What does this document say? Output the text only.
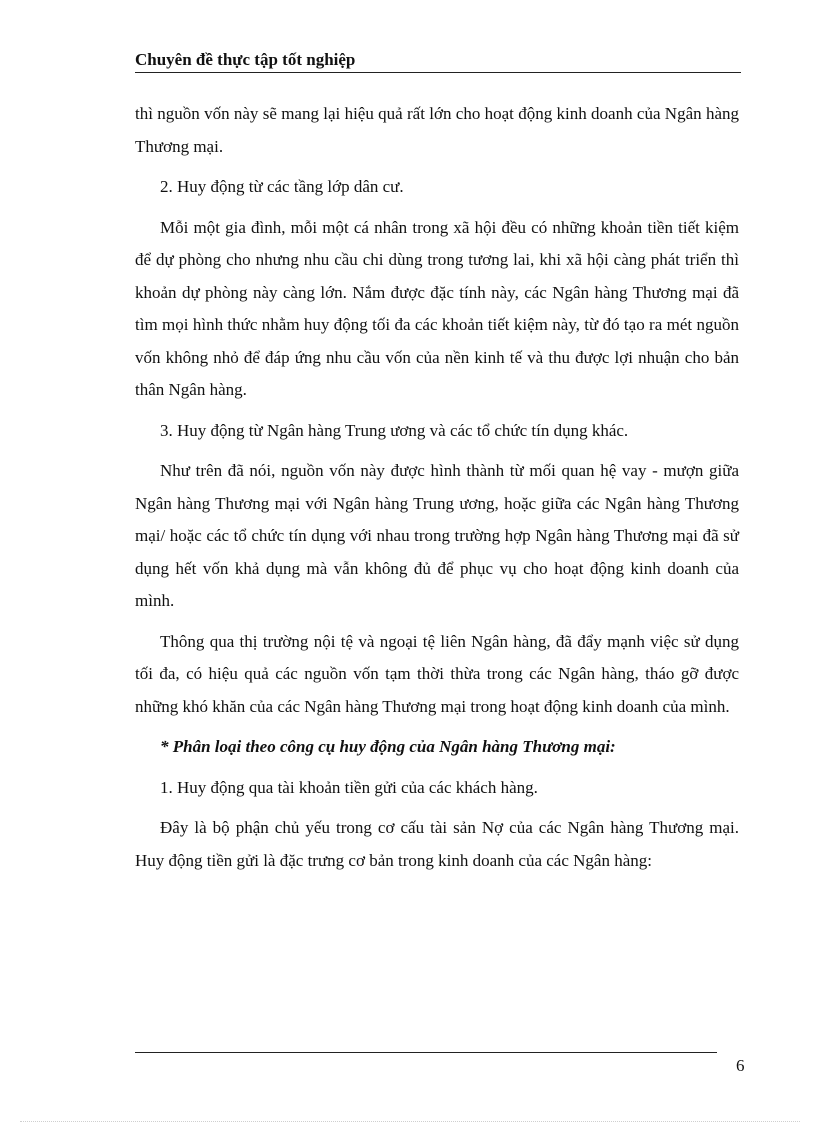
Chuyên đề thực tập tốt nghiệp

thì nguồn vốn này sẽ mang lại hiệu quả rất lớn cho hoạt động kinh doanh của Ngân hàng Thương mại.

2. Huy động từ các tầng lớp dân cư.

Mỗi một gia đình, mỗi một cá nhân trong xã hội đều có những khoản tiền tiết kiệm để dự phòng cho nhưng nhu cầu chi dùng trong tương lai, khi xã hội càng phát triển thì khoản dự phòng này càng lớn. Nắm được đặc tính này, các Ngân hàng Thương mại đã tìm mọi hình thức nhằm huy động tối đa các khoản tiết kiệm này, từ đó tạo ra mét nguồn vốn không nhỏ để đáp ứng nhu cầu vốn của nền kinh tế và thu được lợi nhuận cho bản thân Ngân hàng.

3. Huy động từ Ngân hàng Trung ương và các tổ chức tín dụng khác.

Như trên đã nói, nguồn vốn này được hình thành từ mối quan hệ vay - mượn giữa Ngân hàng Thương mại với Ngân hàng Trung ương, hoặc giữa các Ngân hàng Thương mại/ hoặc các tổ chức tín dụng với nhau trong trường hợp Ngân hàng Thương mại đã sử dụng hết vốn khả dụng mà vẫn không đủ để phục vụ cho hoạt động kinh doanh của mình.

Thông qua thị trường nội tệ và ngoại tệ liên Ngân hàng, đã đẩy mạnh việc sử dụng tối đa, có hiệu quả các nguồn vốn tạm thời thừa trong các Ngân hàng, tháo gỡ được những khó khăn của các Ngân hàng Thương mại trong hoạt động kinh doanh của mình.

* Phân loại theo công cụ huy động của Ngân hàng Thương mại:

1. Huy động qua tài khoản tiền gửi của các khách hàng.

Đây là bộ phận chủ yếu trong cơ cấu tài sản Nợ của các Ngân hàng Thương mại. Huy động tiền gửi là đặc trưng cơ bản trong kinh doanh của các Ngân hàng:

6
